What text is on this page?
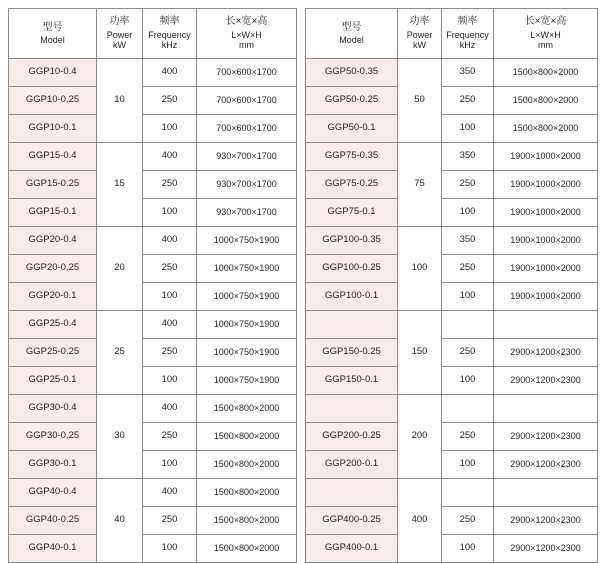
型号
Model	功率
Power
kW	频率
Frequency
kHz	长×宽×高
L×W×H
mm

GGP10-0.4	10	400	700×600×1700
GGP10-0.25		250	700×600×1700
GGP10-0.1		100	700×600×1700
GGP15-0.4	15	400	930×700×1700
GGP15-0.25		250	930×700×1700
GGP15-0.1		100	930×700×1700
GGP20-0.4	20	400	1000×750×1900
GGP20-0.25		250	1000×750×1900
GGP20-0.1		100	1000×750×1900
GGP25-0.4	25	400	1000×750×1900
GGP25-0.25		250	1000×750×1900
GGP25-0.1		100	1000×750×1900
GGP30-0.4	30	400	1500×800×2000
GGP30-0.25		250	1500×800×2000
GGP30-0.1		100	1500×800×2000
GGP40-0.4	40	400	1500×800×2000
GGP40-0.25		250	1500×800×2000
GGP40-0.1		100	1500×800×2000
型号
Model	功率
Power
kW	频率
Frequency
kHz	长×宽×高
L×W×H
mm

GGP50-0.35	50	350	1500×800×2000
GGP50-0.25		250	1500×800×2000
GGP50-0.1		100	1500×800×2000
GGP75-0.35	75	350	1900×1000×2000
GGP75-0.25		250	1900×1000×2000
GGP75-0.1		100	1900×1000×2000
GGP100-0.35	100	350	1900×1000×2000
GGP100-0.25		250	1900×1000×2000
GGP100-0.1		100	1900×1000×2000
	150		
GGP150-0.25		250	2900×1200×2300
GGP150-0.1		100	2900×1200×2300
	200		
GGP200-0.25		250	2900×1200×2300
GGP200-0.1		100	2900×1200×2300
	400		
GGP400-0.25		250	2900×1200×2300
GGP400-0.1		100	2900×1200×2300
